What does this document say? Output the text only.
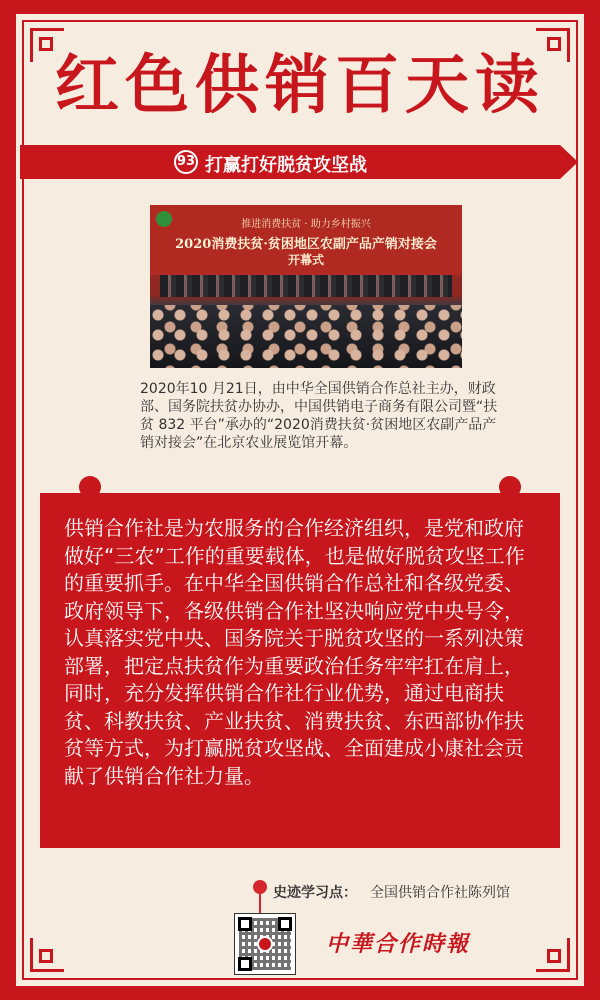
红色供销百天读
93 打赢打好脱贫攻坚战
推进消费扶贫 · 助力乡村振兴
2020消费扶贫·贫困地区农副产品产销对接会
开幕式
2020年10 月21日，由中华全国供销合作总社主办，财政部、国务院扶贫办协办，中国供销电子商务有限公司暨“扶贫 832 平台”承办的“2020消费扶贫·贫困地区农副产品产销对接会”在北京农业展览馆开幕。
供销合作社是为农服务的合作经济组织，是党和政府做好“三农”工作的重要载体，也是做好脱贫攻坚工作的重要抓手。在中华全国供销合作总社和各级党委、政府领导下，各级供销合作社坚决响应党中央号令，认真落实党中央、国务院关于脱贫攻坚的一系列决策部署，把定点扶贫作为重要政治任务牢牢扛在肩上，同时，充分发挥供销合作社行业优势，通过电商扶贫、科教扶贫、产业扶贫、消费扶贫、东西部协作扶贫等方式，为打赢脱贫攻坚战、全面建成小康社会贡献了供销合作社力量。
史迹学习点： 全国供销合作社陈列馆
中華合作時報
